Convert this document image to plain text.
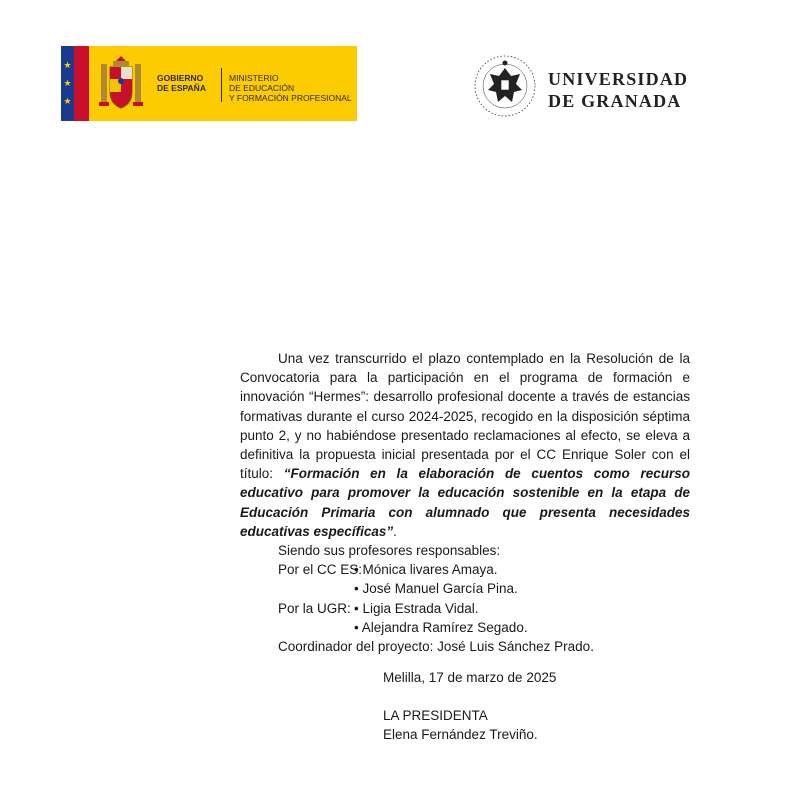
★
★
★
GOBIERNO
DE ESPAÑA
MINISTERIO
DE EDUCACIÓN
Y FORMACIÓN PROFESIONAL
UNIVERSIDAD
DE GRANADA

Una vez transcurrido el plazo contemplado en la Resolución de la Convocatoria para la participación en el programa de formación e innovación “Hermes”: desarrollo profesional docente a través de estancias formativas durante el curso 2024-2025, recogido en la disposición séptima punto 2, y no habiéndose presentado reclamaciones al efecto, se eleva a definitiva la propuesta inicial presentada por el CC Enrique Soler con el título: “Formación en la elaboración de cuentos como recurso educativo para promover la educación sostenible en la etapa de Educación Primaria con alumnado que presenta necesidades educativas específicas”.

Siendo sus profesores responsables:

Por el CC ES:
• Mónica livares Amaya.
• José Manuel García Pina.
Por la UGR: • Ligia Estrada Vidal.
• Alejandra Ramírez Segado.

Coordinador del proyecto: José Luis Sánchez Prado.

Melilla, 17 de marzo de 2025
LA PRESIDENTA
Elena Fernández Treviño.
